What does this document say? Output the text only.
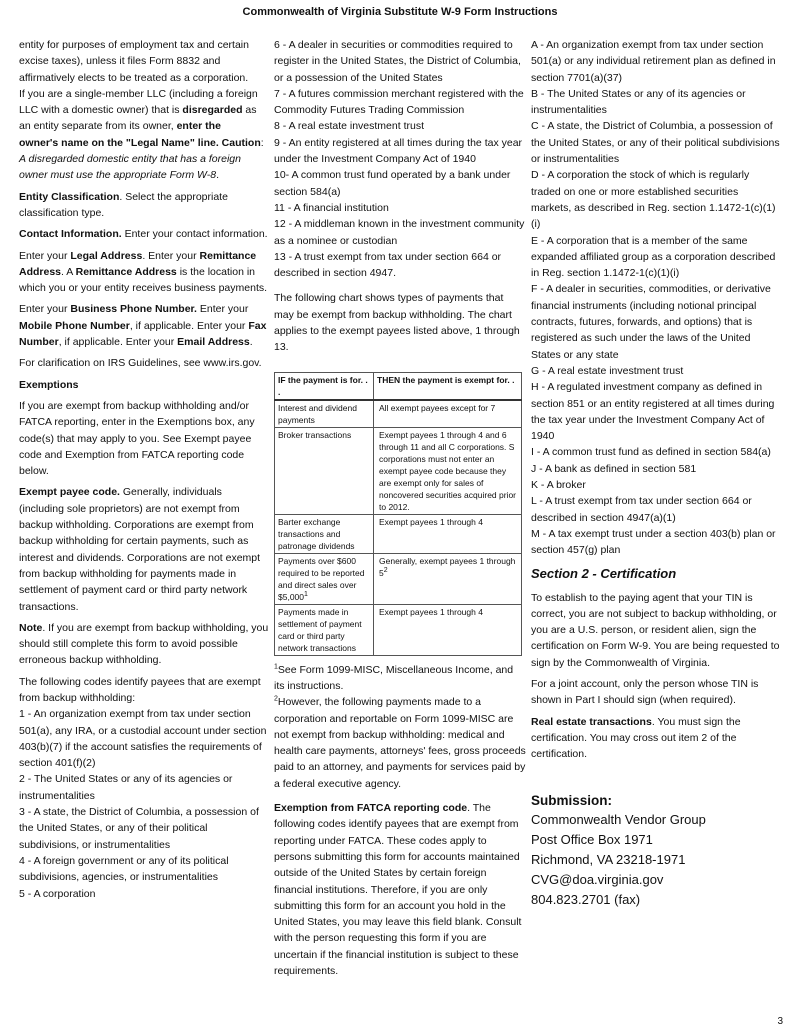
Commonwealth of Virginia Substitute W-9 Form Instructions

entity for purposes of employment tax and certain
excise taxes), unless it files Form 8832 and
affirmatively elects to be treated as a corporation.
If you are a single-member LLC (including a foreign
LLC with a domestic owner) that is disregarded as
an entity separate from its owner, enter the
owner's name on the "Legal Name" line. Caution:
A disregarded domestic entity that has a foreign
owner must use the appropriate Form W-8.

Entity Classification. Select the appropriate classification type.

Contact Information. Enter your contact information.

Enter your Legal Address. Enter your Remittance Address. A Remittance Address is the location in which you or your entity receives business payments.

Enter your Business Phone Number. Enter your Mobile Phone Number, if applicable. Enter your Fax Number, if applicable. Enter your Email Address.

For clarification on IRS Guidelines, see www.irs.gov.

Exemptions

If you are exempt from backup withholding and/or FATCA reporting, enter in the Exemptions box, any code(s) that may apply to you. See Exempt payee code and Exemption from FATCA reporting code below.

Exempt payee code. Generally, individuals (including sole proprietors) are not exempt from backup withholding. Corporations are exempt from backup withholding for certain payments, such as interest and dividends. Corporations are not exempt from backup withholding for payments made in settlement of payment card or third party network transactions.

Note. If you are exempt from backup withholding, you should still complete this form to avoid possible erroneous backup withholding.

The following codes identify payees that are exempt from backup withholding:

1 - An organization exempt from tax under section 501(a), any IRA, or a custodial account under section 403(b)(7) if the account satisfies the requirements of section 401(f)(2)
2 - The United States or any of its agencies or instrumentalities
3 - A state, the District of Columbia, a possession of the United States, or any of their political subdivisions, or instrumentalities
4 - A foreign government or any of its political subdivisions, agencies, or instrumentalities
5 - A corporation
6 - A dealer in securities or commodities required to register in the United States, the District of Columbia, or a possession of the United States
7 - A futures commission merchant registered with the Commodity Futures Trading Commission
8 - A real estate investment trust
9 - An entity registered at all times during the tax year under the Investment Company Act of 1940
10- A common trust fund operated by a bank under section 584(a)
11 - A financial institution
12 - A middleman known in the investment community as a nominee or custodian
13 - A trust exempt from tax under section 664 or described in section 4947.

The following chart shows types of payments that may be exempt from backup withholding. The chart applies to the exempt payees listed above, 1 through 13.

IF the payment is for. . .	THEN the payment is exempt for. .
Interest and dividend payments	All exempt payees except for 7
Broker transactions	Exempt payees 1 through 4 and 6 through 11 and all C corporations. S corporations must not enter an exempt payee code because they are exempt only for sales of noncovered securities acquired prior to 2012.
Barter exchange transactions and patronage dividends	Exempt payees 1 through 4
Payments over $600 required to be reported and direct sales over $5,000$^1$	Generally, exempt payees 1 through $5^2$
Payments made in settlement of payment card or third party network transactions	Exempt payees 1 through 4
$^1$See Form 1099-MISC, Miscellaneous Income, and its instructions.

$^2$However, the following payments made to a corporation and reportable on Form 1099-MISC are not exempt from backup withholding: medical and health care payments, attorneys' fees, gross proceeds paid to an attorney, and payments for services paid by a federal executive agency.

Exemption from FATCA reporting code. The following codes identify payees that are exempt from reporting under FATCA. These codes apply to persons submitting this form for accounts maintained outside of the United States by certain foreign financial institutions. Therefore, if you are only submitting this form for an account you hold in the United States, you may leave this field blank. Consult with the person requesting this form if you are uncertain if the financial institution is subject to these requirements.

A - An organization exempt from tax under section 501(a) or any individual retirement plan as defined in section 7701(a)(37)
B - The United States or any of its agencies or instrumentalities
C - A state, the District of Columbia, a possession of the United States, or any of their political subdivisions or instrumentalities
D - A corporation the stock of which is regularly traded on one or more established securities markets, as described in Reg. section 1.1472-1(c)(1)(i)
E - A corporation that is a member of the same expanded affiliated group as a corporation described in Reg. section 1.1472-1(c)(1)(i)
F - A dealer in securities, commodities, or derivative financial instruments (including notional principal contracts, futures, forwards, and options) that is registered as such under the laws of the United States or any state
G - A real estate investment trust
H - A regulated investment company as defined in section 851 or an entity registered at all times during the tax year under the Investment Company Act of 1940
I - A common trust fund as defined in section 584(a)
J - A bank as defined in section 581
K - A broker
L - A trust exempt from tax under section 664 or described in section 4947(a)(1)
M - A tax exempt trust under a section 403(b) plan or section 457(g) plan
Section 2 - Certification

To establish to the paying agent that your TIN is correct, you are not subject to backup withholding, or you are a U.S. person, or resident alien, sign the certification on Form W-9. You are being requested to sign by the Commonwealth of Virginia.

For a joint account, only the person whose TIN is shown in Part I should sign (when required).

Real estate transactions. You must sign the certification. You may cross out item 2 of the certification.

Submission:
Commonwealth Vendor Group
Post Office Box 1971
Richmond, VA 23218-1971
CVG@doa.virginia.gov
804.823.2701 (fax)
3
